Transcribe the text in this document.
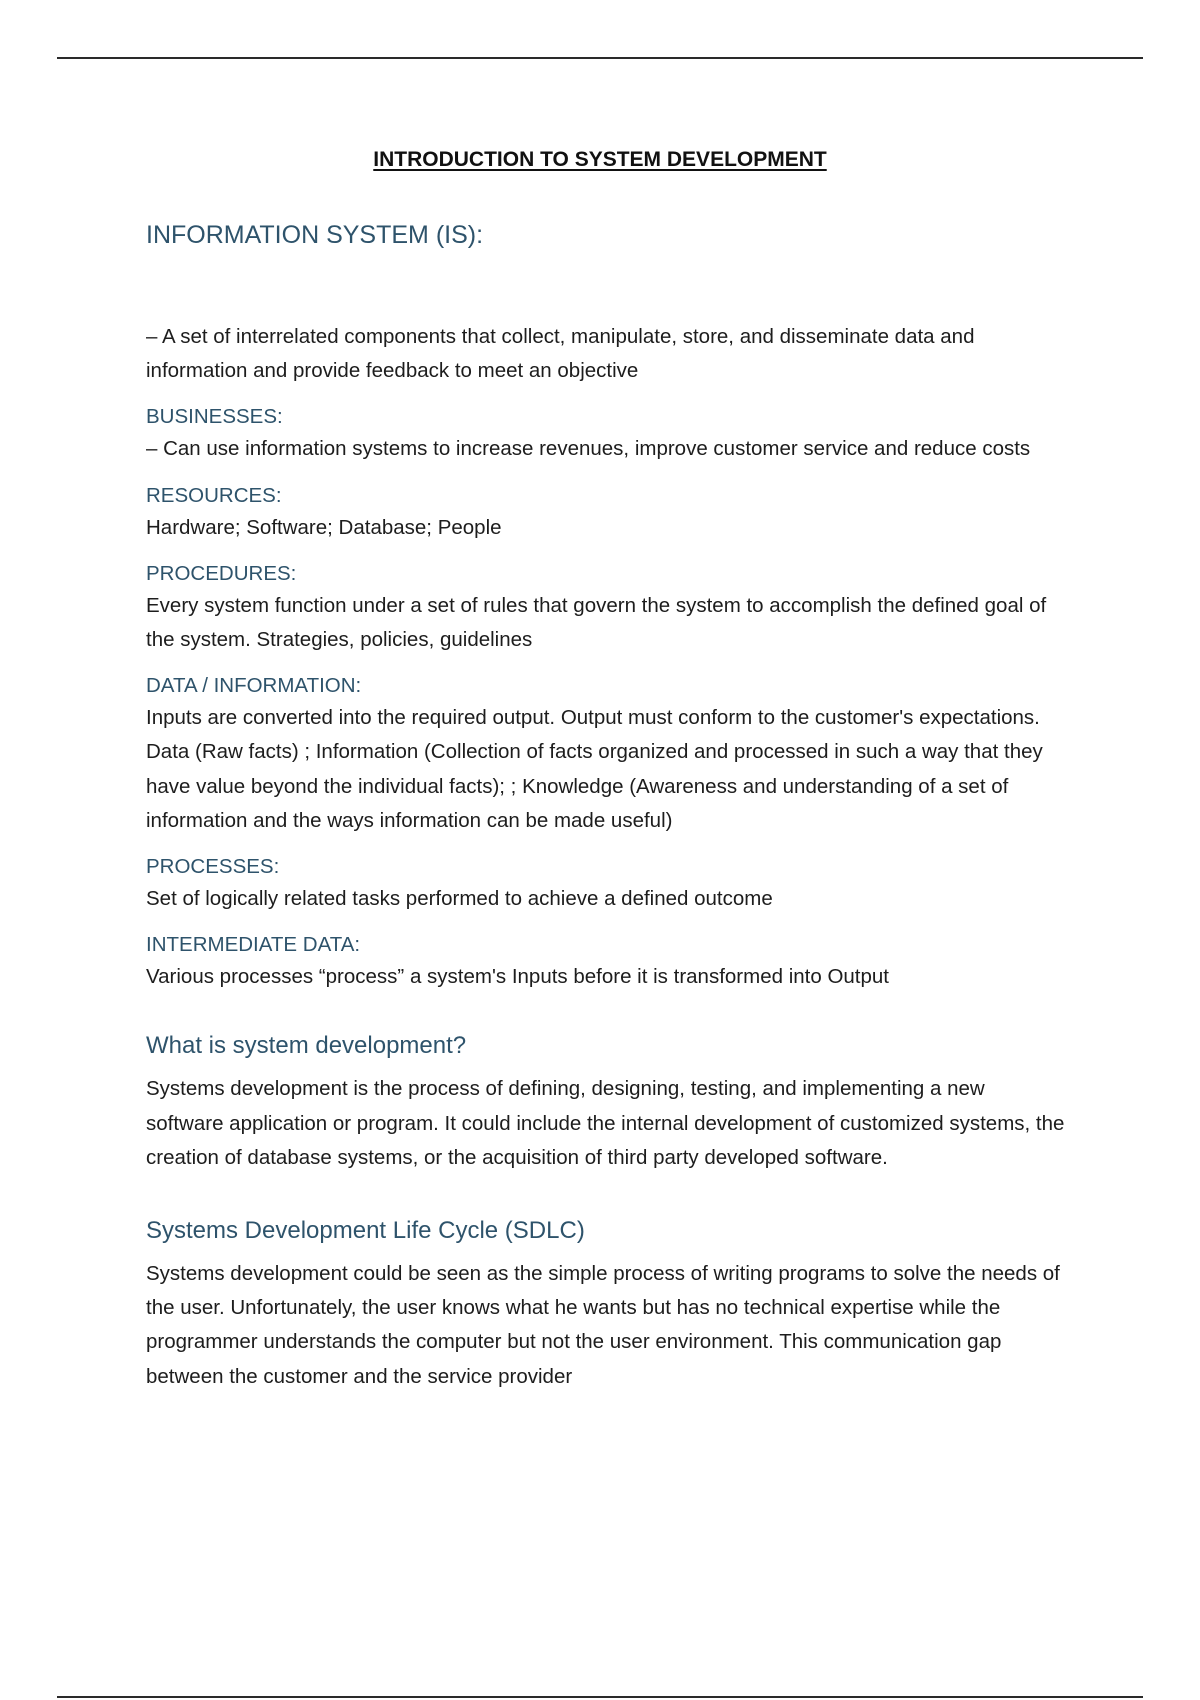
INTRODUCTION TO SYSTEM DEVELOPMENT
INFORMATION SYSTEM (IS):

– A set of interrelated components that collect, manipulate, store, and disseminate data and information and provide feedback to meet an objective

BUSINESSES:

– Can use information systems to increase revenues, improve customer service and reduce costs

RESOURCES:

Hardware; Software; Database; People

PROCEDURES:

Every system function under a set of rules that govern the system to accomplish the defined goal of the system. Strategies, policies, guidelines

DATA / INFORMATION:

Inputs are converted into the required output. Output must conform to the customer's expectations. Data (Raw facts) ; Information (Collection of facts organized and processed in such a way that they have value beyond the individual facts); ; Knowledge (Awareness and understanding of a set of information and the ways information can be made useful)

PROCESSES:

Set of logically related tasks performed to achieve a defined outcome

INTERMEDIATE DATA:

Various processes “process” a system's Inputs before it is transformed into Output

What is system development?

Systems development is the process of defining, designing, testing, and implementing a new software application or program. It could include the internal development of customized systems, the creation of database systems, or the acquisition of third party developed software.

Systems Development Life Cycle (SDLC)

Systems development could be seen as the simple process of writing programs to solve the needs of the user. Unfortunately, the user knows what he wants but has no technical expertise while the programmer understands the computer but not the user environment. This communication gap between the customer and the service provider
